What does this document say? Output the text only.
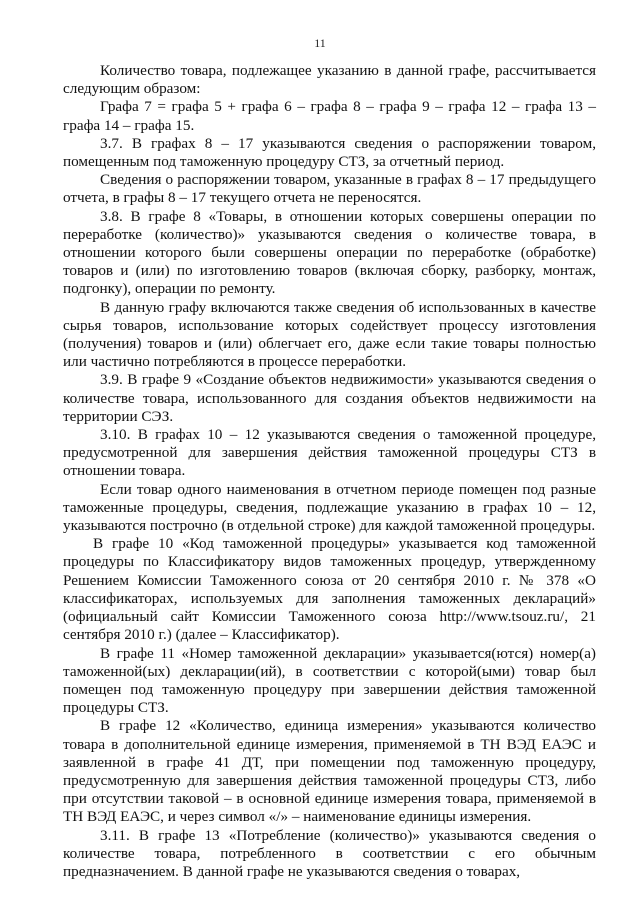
11

Количество товара, подлежащее указанию в данной графе, рассчитывается следующим образом:

Графа 7 = графа 5 + графа 6 – графа 8 – графа 9 – графа 12 – графа 13 – графа 14 – графа 15.

3.7. В графах 8 – 17 указываются сведения о распоряжении товаром, помещенным под таможенную процедуру СТЗ, за отчетный период.

Сведения о распоряжении товаром, указанные в графах 8 – 17 предыдущего отчета, в графы 8 – 17 текущего отчета не переносятся.

3.8. В графе 8 «Товары, в отношении которых совершены операции по переработке (количество)» указываются сведения о количестве товара, в отношении которого были совершены операции по переработке (обработке) товаров и (или) по изготовлению товаров (включая сборку, разборку, монтаж, подгонку), операции по ремонту.

В данную графу включаются также сведения об использованных в качестве сырья товаров, использование которых содействует процессу изготовления (получения) товаров и (или) облегчает его, даже если такие товары полностью или частично потребляются в процессе переработки.

3.9. В графе 9 «Создание объектов недвижимости» указываются сведения о количестве товара, использованного для создания объектов недвижимости на территории СЭЗ.

3.10. В графах 10 – 12 указываются сведения о таможенной процедуре, предусмотренной для завершения действия таможенной процедуры СТЗ в отношении товара.

Если товар одного наименования в отчетном периоде помещен под разные таможенные процедуры, сведения, подлежащие указанию в графах 10 – 12, указываются построчно (в отдельной строке) для каждой таможенной процедуры.

В графе 10 «Код таможенной процедуры» указывается код таможенной процедуры по Классификатору видов таможенных процедур, утвержденному Решением Комиссии Таможенного союза от 20 сентября 2010 г. № 378 «О классификаторах, используемых для заполнения таможенных деклараций» (официальный сайт Комиссии Таможенного союза http://www.tsouz.ru/, 21 сентября 2010 г.) (далее – Классификатор).

В графе 11 «Номер таможенной декларации» указывается(ются) номер(а) таможенной(ых) декларации(ий), в соответствии с которой(ыми) товар был помещен под таможенную процедуру при завершении действия таможенной процедуры СТЗ.

В графе 12 «Количество, единица измерения» указываются количество товара в дополнительной единице измерения, применяемой в ТН ВЭД ЕАЭС и заявленной в графе 41 ДТ, при помещении под таможенную процедуру, предусмотренную для завершения действия таможенной процедуры СТЗ, либо при отсутствии таковой – в основной единице измерения товара, применяемой в ТН ВЭД ЕАЭС, и через символ «/» – наименование единицы измерения.

3.11. В графе 13 «Потребление (количество)» указываются сведения о количестве товара, потребленного в соответствии с его обычным предназначением. В данной графе не указываются сведения о товарах,
